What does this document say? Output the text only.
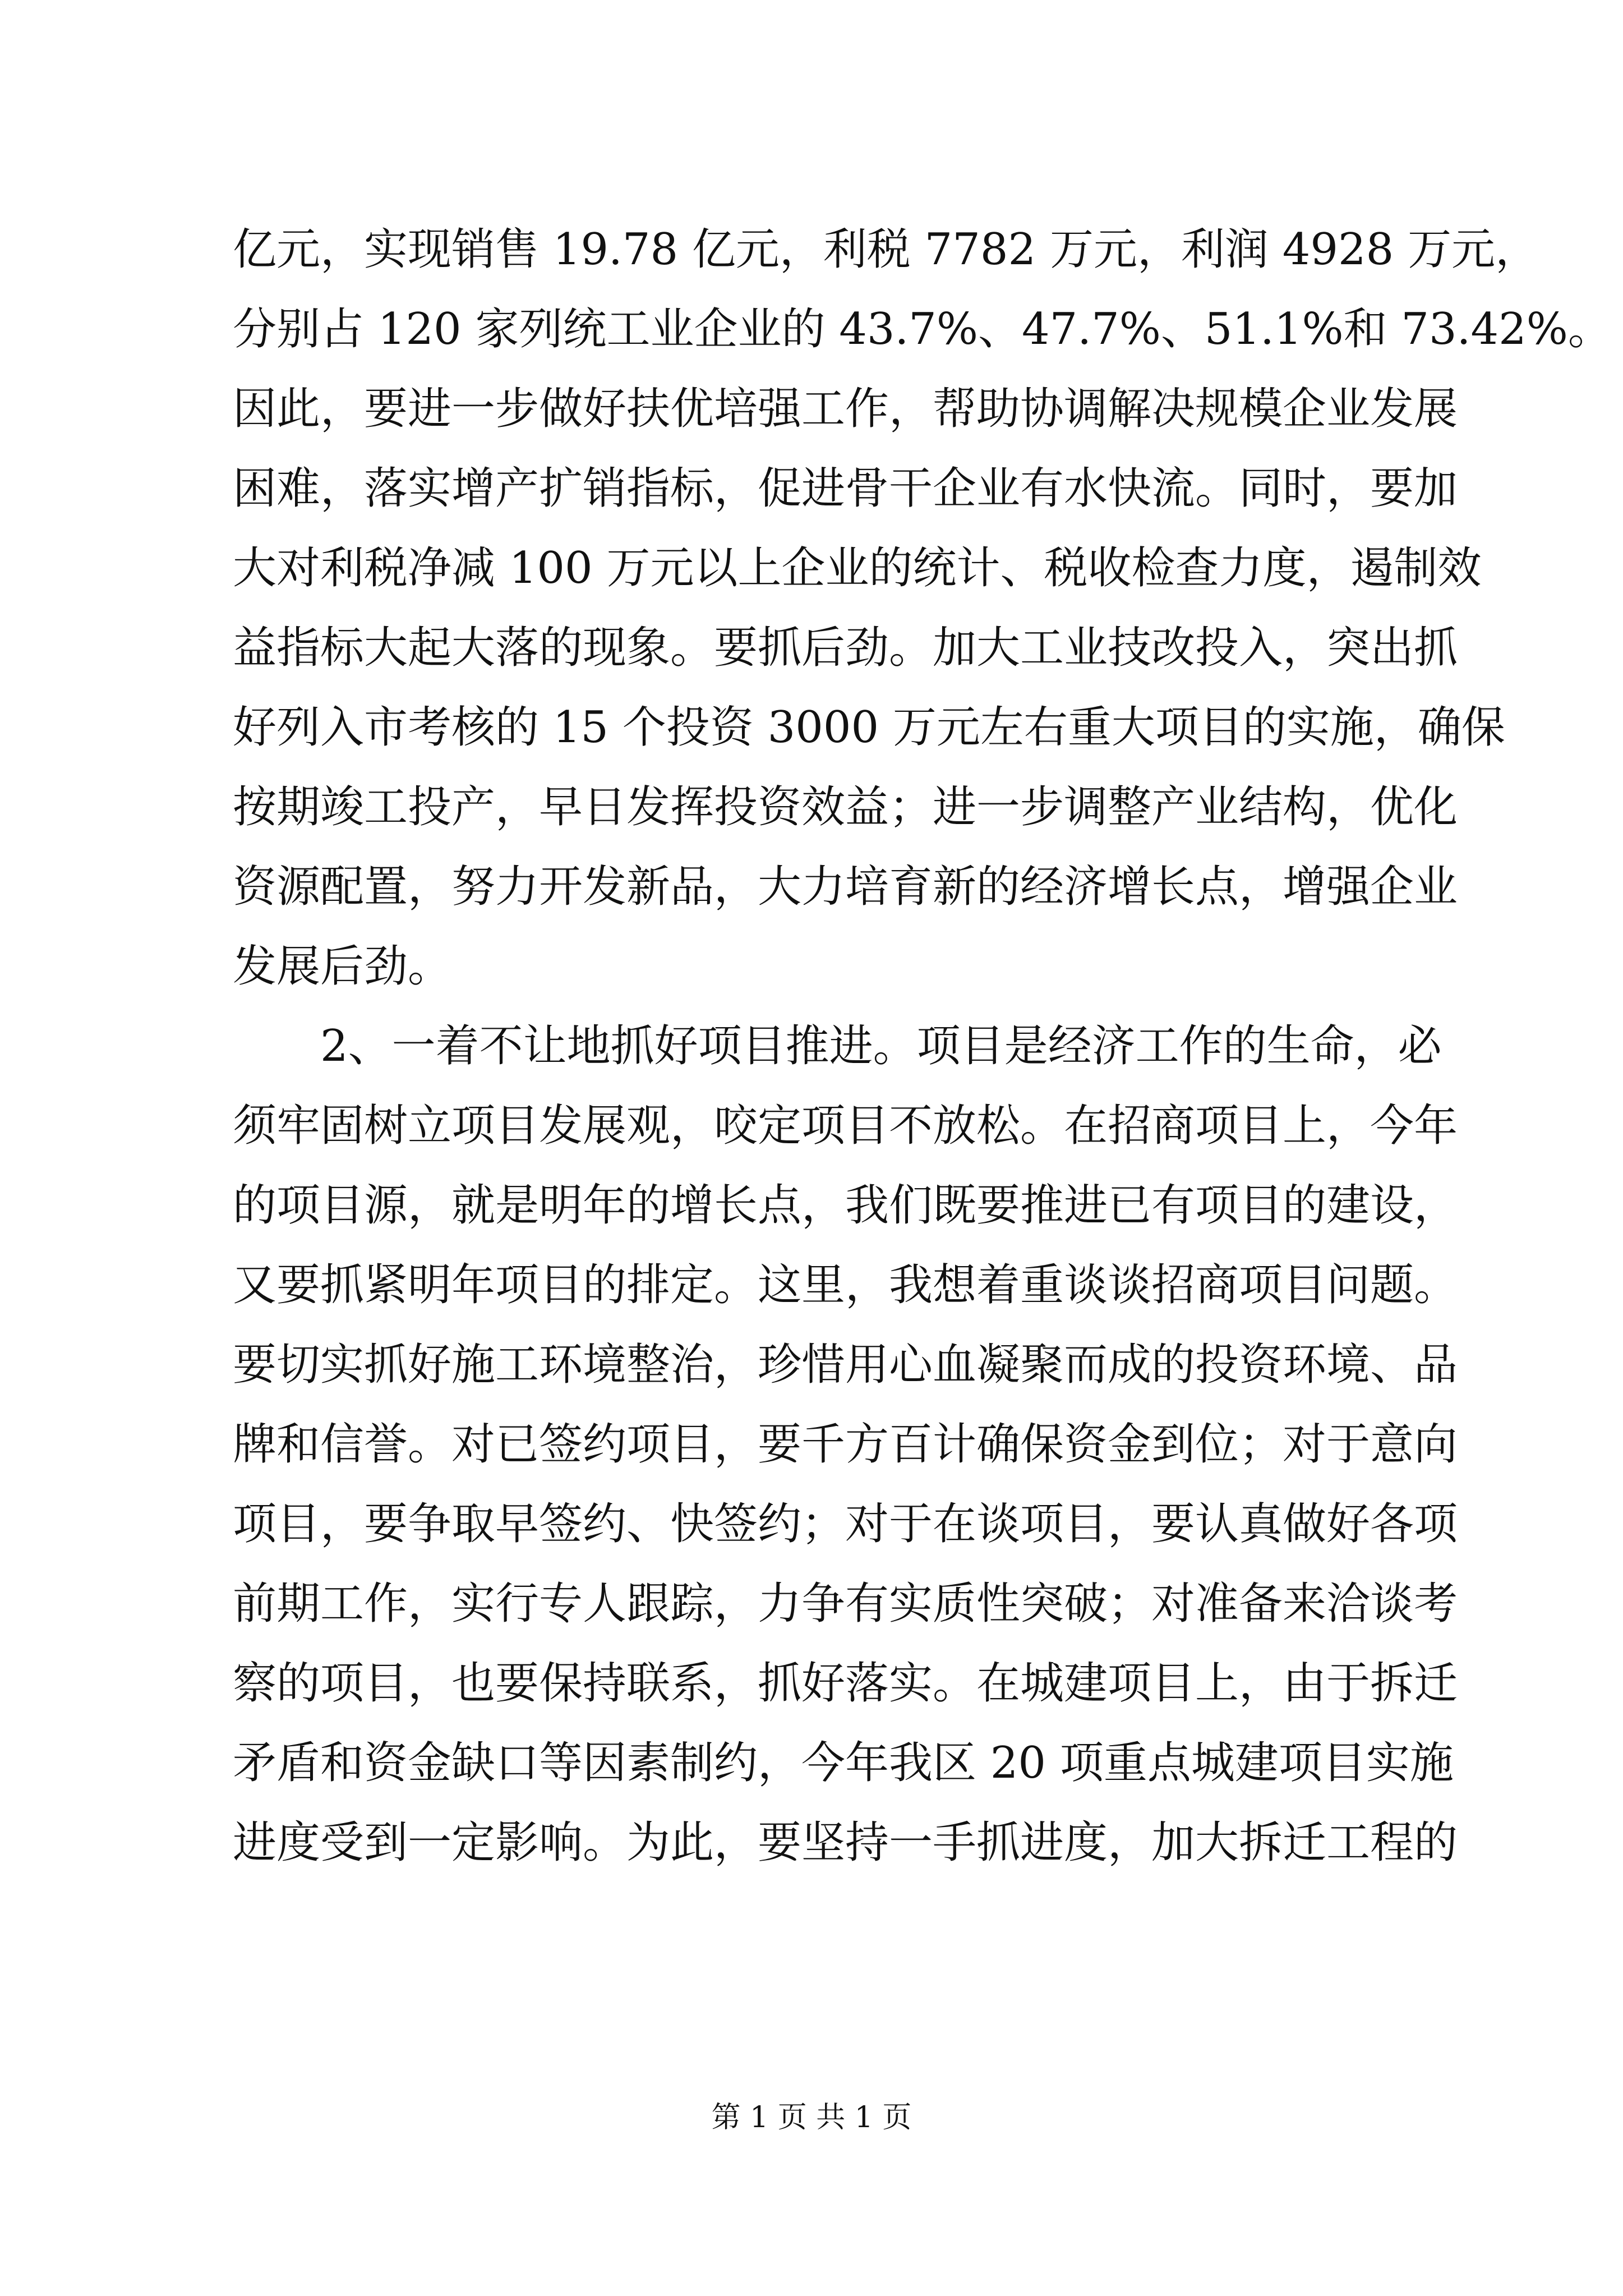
亿元，实现销售 19.78 亿元，利税 7782 万元，利润 4928 万元，
分别占 120 家列统工业企业的 43.7%、47.7%、51.1%和 73.42%。
因此，要进一步做好扶优培强工作，帮助协调解决规模企业发展
困难，落实增产扩销指标，促进骨干企业有水快流。同时，要加
大对利税净减 100 万元以上企业的统计、税收检查力度，遏制效
益指标大起大落的现象。要抓后劲。加大工业技改投入，突出抓
好列入市考核的 15 个投资 3000 万元左右重大项目的实施，确保
按期竣工投产，早日发挥投资效益；进一步调整产业结构，优化
资源配置，努力开发新品，大力培育新的经济增长点，增强企业
发展后劲。
2、一着不让地抓好项目推进。项目是经济工作的生命，必
须牢固树立项目发展观，咬定项目不放松。在招商项目上，今年
的项目源，就是明年的增长点，我们既要推进已有项目的建设，
又要抓紧明年项目的排定。这里，我想着重谈谈招商项目问题。
要切实抓好施工环境整治，珍惜用心血凝聚而成的投资环境、品
牌和信誉。对已签约项目，要千方百计确保资金到位；对于意向
项目，要争取早签约、快签约；对于在谈项目，要认真做好各项
前期工作，实行专人跟踪，力争有实质性突破；对准备来洽谈考
察的项目，也要保持联系，抓好落实。在城建项目上，由于拆迁
矛盾和资金缺口等因素制约，今年我区 20 项重点城建项目实施
进度受到一定影响。为此，要坚持一手抓进度，加大拆迁工程的
第 1 页 共 1 页
